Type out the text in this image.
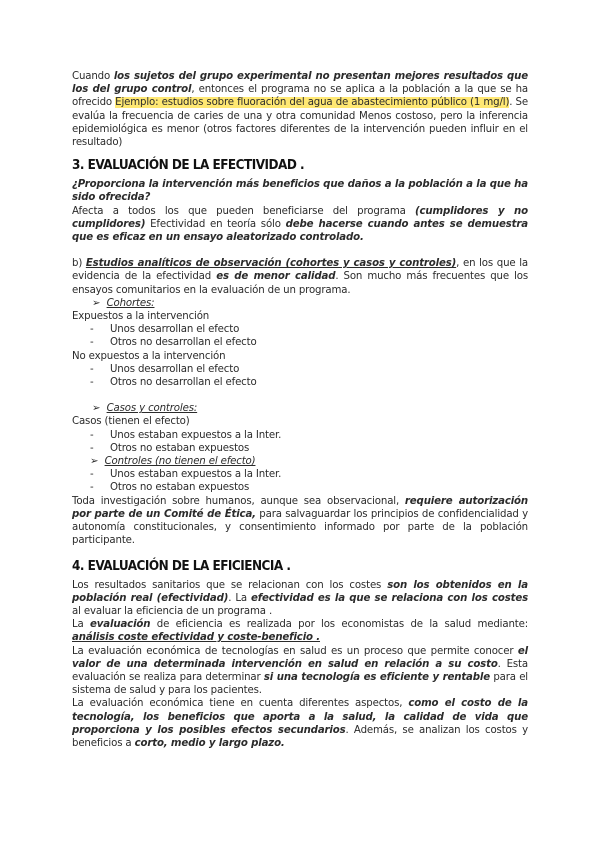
Cuando los sujetos del grupo experimental no presentan mejores resultados que los del grupo control, entonces el programa no se aplica a la población a la que se ha ofrecido Ejemplo: estudios sobre fluoración del agua de abastecimiento público (1 mg/l). Se evalúa la frecuencia de caries de una y otra comunidad Menos costoso, pero la inferencia epidemiológica es menor (otros factores diferentes de la intervención pueden influir en el resultado)

3. EVALUACIÓN DE LA EFECTIVIDAD .

¿Proporciona la intervención más beneficios que daños a la población a la que ha sido ofrecida?

Afecta a todos los que pueden beneficiarse del programa (cumplidores y no cumplidores) Efectividad en teoría sólo debe hacerse cuando antes se demuestra que es eficaz en un ensayo aleatorizado controlado.

b) Estudios analíticos de observación (cohortes y casos y controles), en los que la evidencia de la efectividad es de menor calidad. Son mucho más frecuentes que los ensayos comunitarios en la evaluación de un programa.

➢ Cohortes:
Expuestos a la intervención
- Unos desarrollan el efecto
- Otros no desarrollan el efecto
No expuestos a la intervención
- Unos desarrollan el efecto
- Otros no desarrollan el efecto
➢ Casos y controles:
Casos (tienen el efecto)
- Unos estaban expuestos a la Inter.
- Otros no estaban expuestos
➢ Controles (no tienen el efecto)
- Unos estaban expuestos a la Inter.
- Otros no estaban expuestos

Toda investigación sobre humanos, aunque sea observacional, requiere autorización por parte de un Comité de Ética, para salvaguardar los principios de confidencialidad y autonomía constitucionales, y consentimiento informado por parte de la población participante.

4. EVALUACIÓN DE LA EFICIENCIA .

Los resultados sanitarios que se relacionan con los costes son los obtenidos en la población real (efectividad). La efectividad es la que se relaciona con los costes al evaluar la eficiencia de un programa .

La evaluación de eficiencia es realizada por los economistas de la salud mediante: análisis coste efectividad y coste-beneficio .

La evaluación económica de tecnologías en salud es un proceso que permite conocer el valor de una determinada intervención en salud en relación a su costo. Esta evaluación se realiza para determinar si una tecnología es eficiente y rentable para el sistema de salud y para los pacientes.

La evaluación económica tiene en cuenta diferentes aspectos, como el costo de la tecnología, los beneficios que aporta a la salud, la calidad de vida que proporciona y los posibles efectos secundarios. Además, se analizan los costos y beneficios a corto, medio y largo plazo.
